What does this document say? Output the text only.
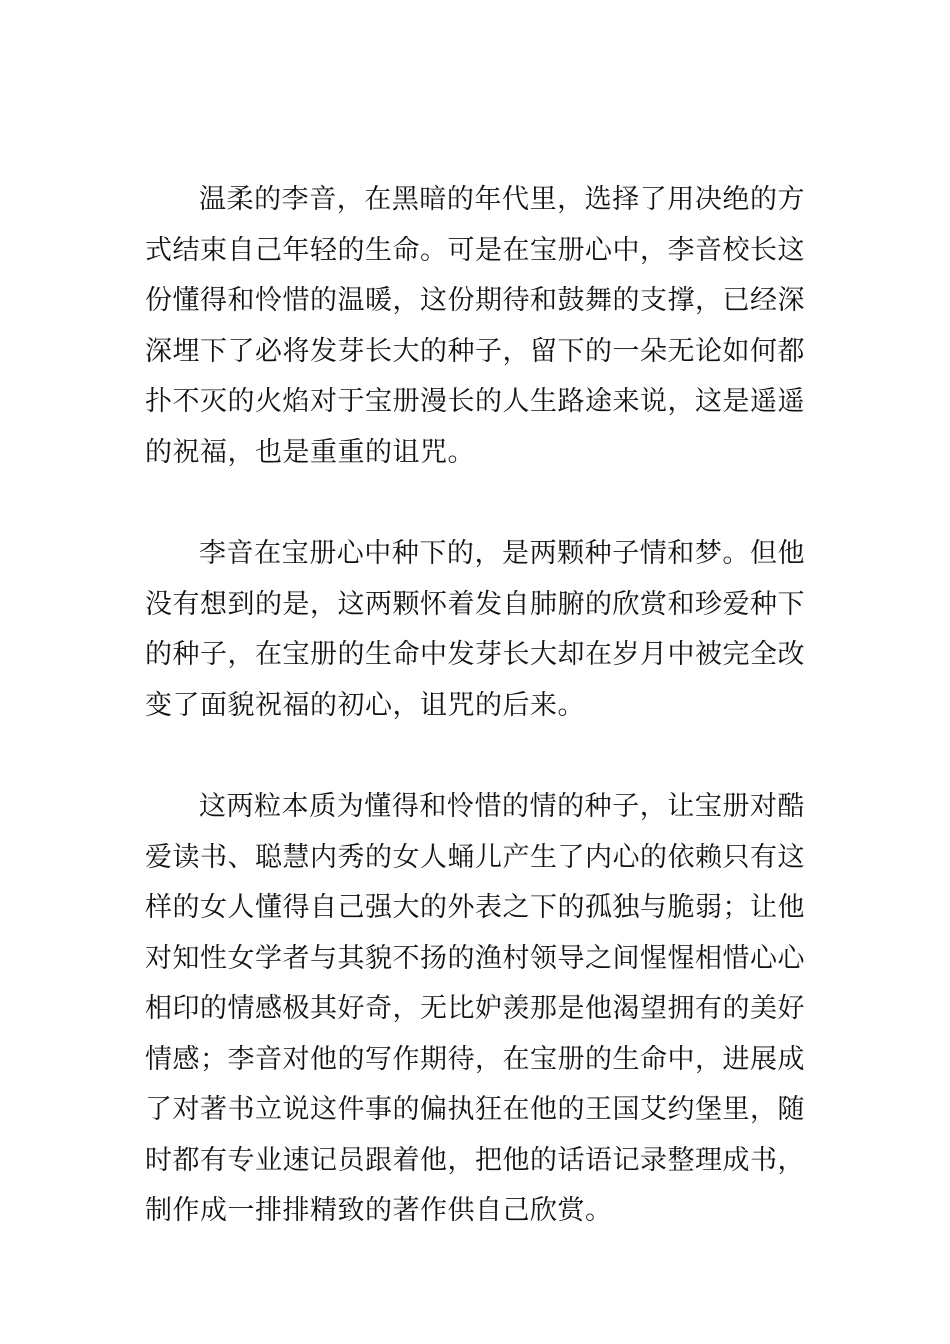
温柔的李音，在黑暗的年代里，选择了用决绝的方式结束自己年轻的生命。可是在宝册心中，李音校长这份懂得和怜惜的温暖，这份期待和鼓舞的支撑，已经深深埋下了必将发芽长大的种子，留下的一朵无论如何都扑不灭的火焰对于宝册漫长的人生路途来说，这是遥遥的祝福，也是重重的诅咒。

李音在宝册心中种下的，是两颗种子情和梦。但他没有想到的是，这两颗怀着发自肺腑的欣赏和珍爱种下的种子，在宝册的生命中发芽长大却在岁月中被完全改变了面貌祝福的初心，诅咒的后来。

这两粒本质为懂得和怜惜的情的种子，让宝册对酷爱读书、聪慧内秀的女人蛹儿产生了内心的依赖只有这样的女人懂得自己强大的外表之下的孤独与脆弱；让他对知性女学者与其貌不扬的渔村领导之间惺惺相惜心心相印的情感极其好奇，无比妒羡那是他渴望拥有的美好情感；李音对他的写作期待，在宝册的生命中，进展成了对著书立说这件事的偏执狂在他的王国艾约堡里，随时都有专业速记员跟着他，把他的话语记录整理成书，制作成一排排精致的著作供自己欣赏。
